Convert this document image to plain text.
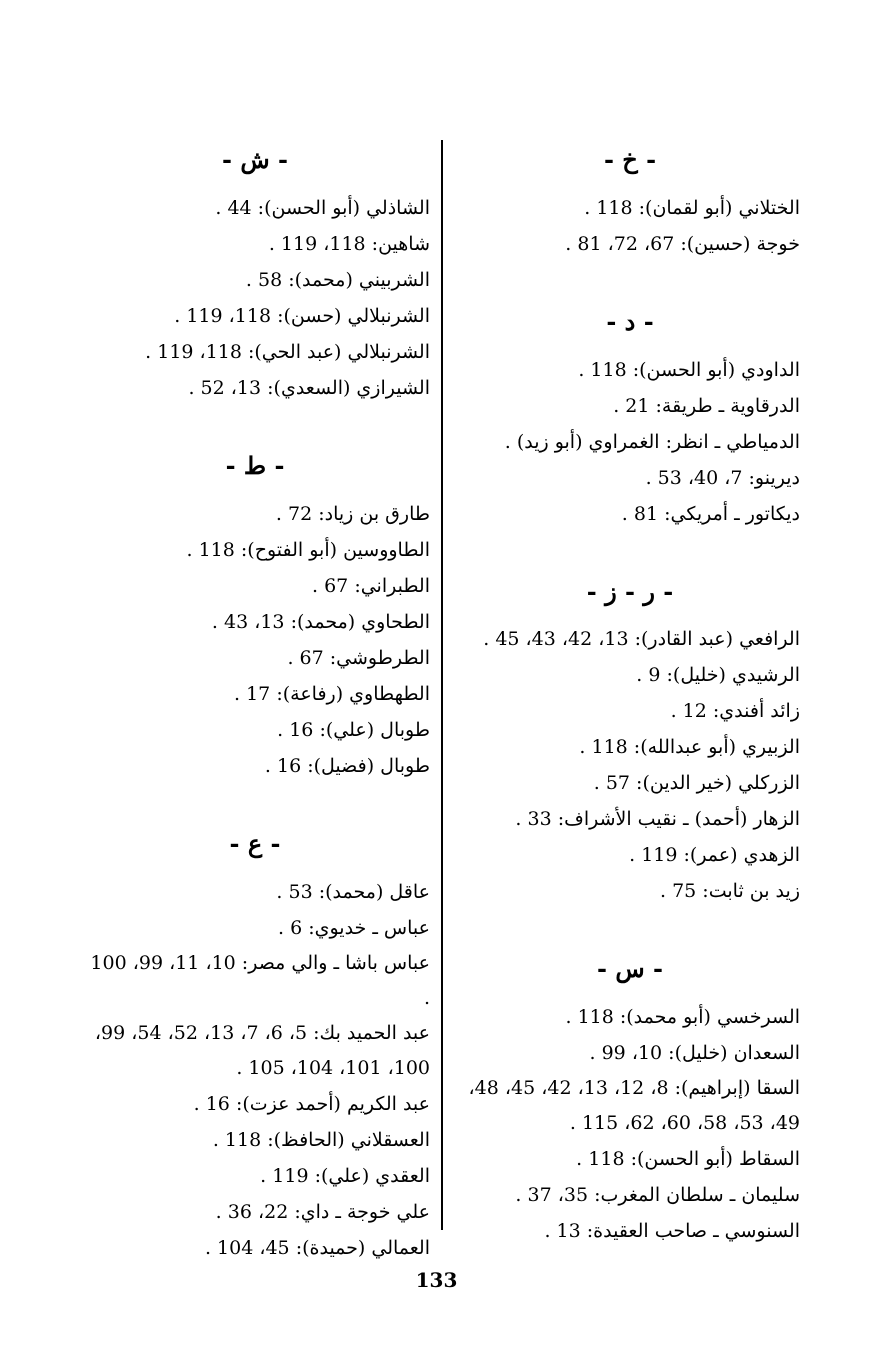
- خ -
الختلاني (أبو لقمان): 118 .
خوجة (حسين): 67، 72، 81 .
- د -
الداودي (أبو الحسن): 118 .
الدرقاوية ـ طريقة: 21 .
الدمياطي ـ انظر: الغمراوي (أبو زيد) .
ديرينو: 7، 40، 53 .
ديكاتور ـ أمريكي: 81 .
- ر - ز -
الرافعي (عبد القادر): 13، 42، 43، 45 .
الرشيدي (خليل): 9 .
زائد أفندي: 12 .
الزبيري (أبو عبدالله): 118 .
الزركلي (خير الدين): 57 .
الزهار (أحمد) ـ نقيب الأشراف: 33 .
الزهدي (عمر): 119 .
زيد بن ثابت: 75 .
- س -
السرخسي (أبو محمد): 118 .
السعدان (خليل): 10، 99 .
السقا (إبراهيم): 8، 12، 13، 42، 45، 48، 49، 53، 58، 60، 62، 115 .
السقاط (أبو الحسن): 118 .
سليمان ـ سلطان المغرب: 35، 37 .
السنوسي ـ صاحب العقيدة: 13 .
- ش -
الشاذلي (أبو الحسن): 44 .
شاهين: 118، 119 .
الشربيني (محمد): 58 .
الشرنبلالي (حسن): 118، 119 .
الشرنبلالي (عبد الحي): 118، 119 .
الشيرازي (السعدي): 13، 52 .
- ط -
طارق بن زياد: 72 .
الطاووسين (أبو الفتوح): 118 .
الطبراني: 67 .
الطحاوي (محمد): 13، 43 .
الطرطوشي: 67 .
الطهطاوي (رفاعة): 17 .
طوبال (علي): 16 .
طوبال (فضيل): 16 .
- ع -
عاقل (محمد): 53 .
عباس ـ خديوي: 6 .
عباس باشا ـ والي مصر: 10، 11، 99، 100 .
عبد الحميد بك: 5، 6، 7، 13، 52، 54، 99، 100، 101، 104، 105 .
عبد الكريم (أحمد عزت): 16 .
العسقلاني (الحافظ): 118 .
العقدي (علي): 119 .
علي خوجة ـ داي: 22، 36 .
العمالي (حميدة): 45، 104 .
133
